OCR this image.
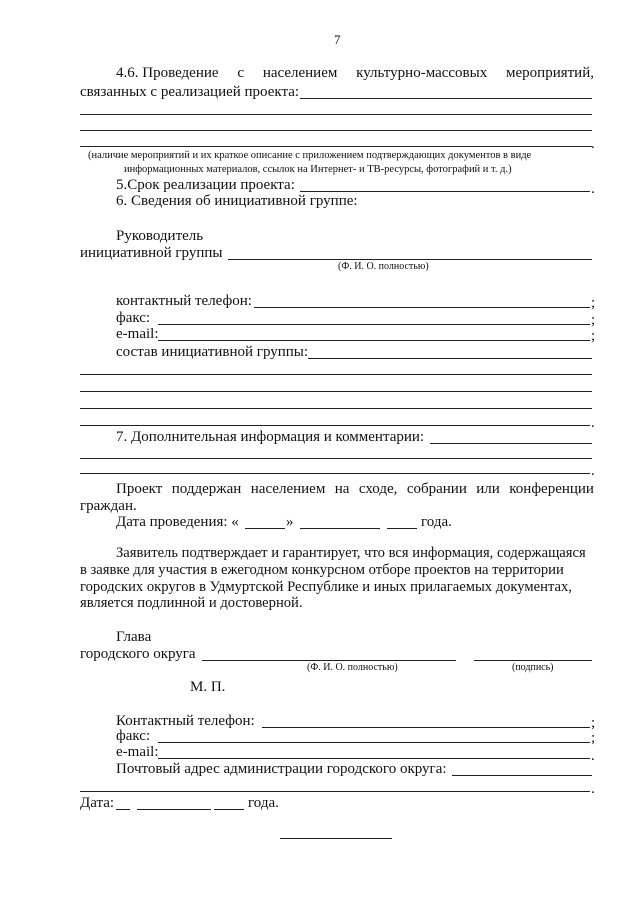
7
4.6. Проведение с населением культурно-массовых мероприятий,
связанных с реализацией проекта:
.
(наличие мероприятий и их краткое описание с приложением подтверждающих документов в виде
информационных материалов, ссылок на Интернет- и ТВ-ресурсы, фотографий и т. д.)
5.Срок реализации проекта:	.
6. Сведения об инициативной группе:
Руководитель
инициативной группы
(Ф. И. О. полностью)
контактный телефон:	;
факс:	;
e-mail:	;
состав инициативной группы:
.
7. Дополнительная информация и комментарии:
.
Проект поддержан населением на сходе, собрании или конференции
граждан.
Дата проведения: «	»	года.
Заявитель подтверждает и гарантирует, что вся информация, содержащаяся
в заявке для участия в ежегодном конкурсном отборе проектов на территории
городских округов в Удмуртской Республике и иных прилагаемых документах,
является подлинной и достоверной.
Глава
городского округа
(Ф. И. О. полностью)	(подпись)
М. П.
Контактный телефон:	;
факс:	;
e-mail:	.
Почтовый адрес администрации городского округа:
.
Дата:	года.
